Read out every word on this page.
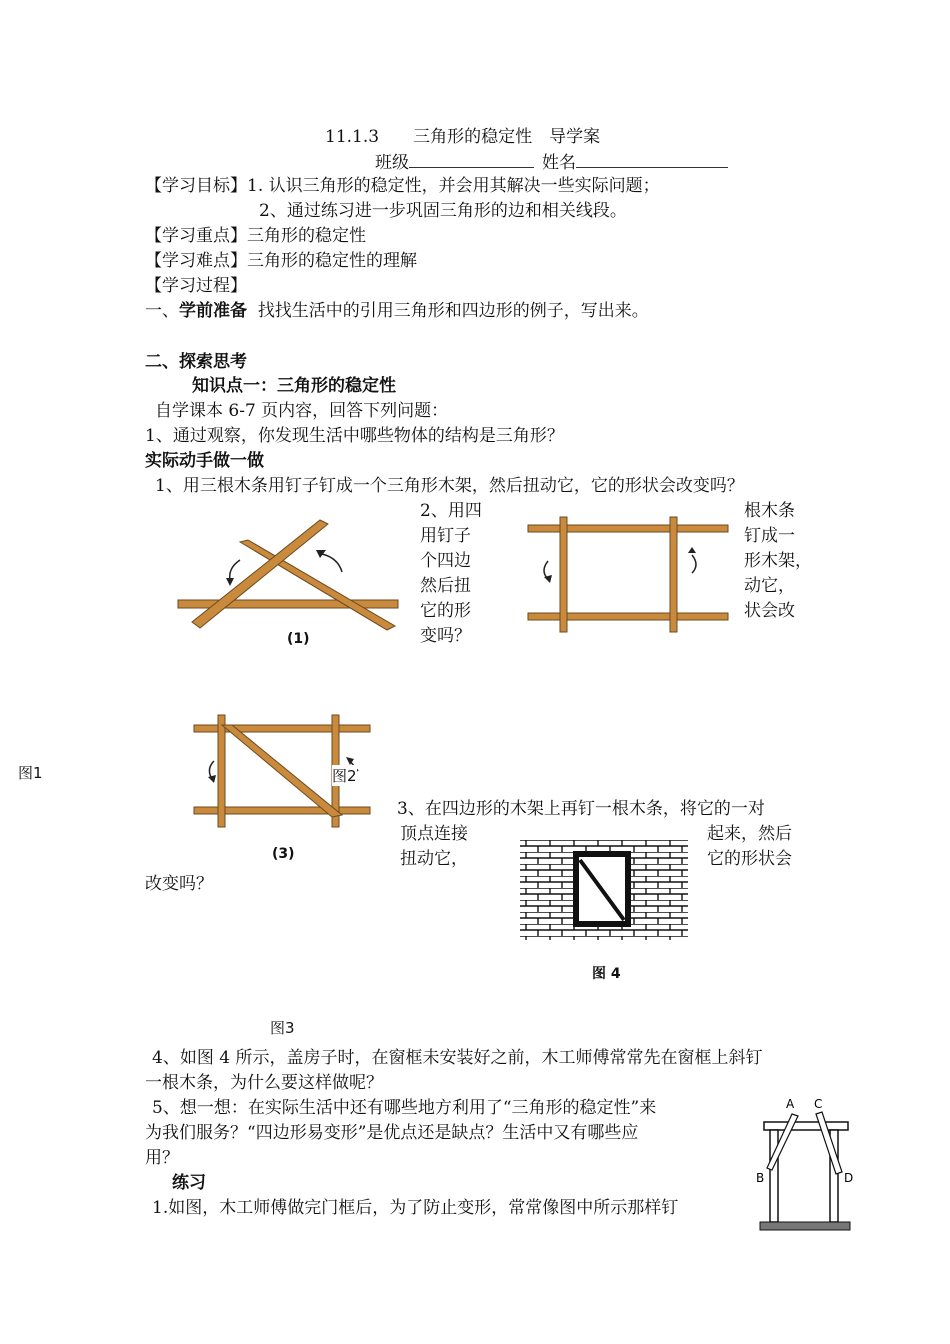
11.1.3　　三角形的稳定性　导学案
班级	姓名
【学习目标】1. 认识三角形的稳定性，并会用其解决一些实际问题；
2、通过练习进一步巩固三角形的边和相关线段。
【学习重点】三角形的稳定性
【学习难点】三角形的稳定性的理解
【学习过程】
一、学前准备 找找生活中的引用三角形和四边形的例子，写出来。
二、探索思考
知识点一：三角形的稳定性
自学课本 6-7 页内容，回答下列问题：
1、通过观察，你发现生活中哪些物体的结构是三角形？
实际动手做一做
1、用三根木条用钉子钉成一个三角形木架，然后扭动它，它的形状会改变吗？
2、用四
用钉子
个四边
然后扭
它的形
变吗？
根木条
钉成一
形木架，
动它，
状会改
(1)
(3)
图2
图1
3、在四边形的木架上再钉一根木条，将它的一对
顶点连接	起来，然后
扭动它，	它的形状会
改变吗？
图 4
图3
4、如图 4 所示，盖房子时，在窗框未安装好之前，木工师傅常常先在窗框上斜钉
一根木条，为什么要这样做呢？
5、想一想：在实际生活中还有哪些地方利用了“三角形的稳定性”来
为我们服务？“四边形易变形”是优点还是缺点？生活中又有哪些应
用？
练习
1.如图，木工师傅做完门框后，为了防止变形，常常像图中所示那样钉
A C
B	D
